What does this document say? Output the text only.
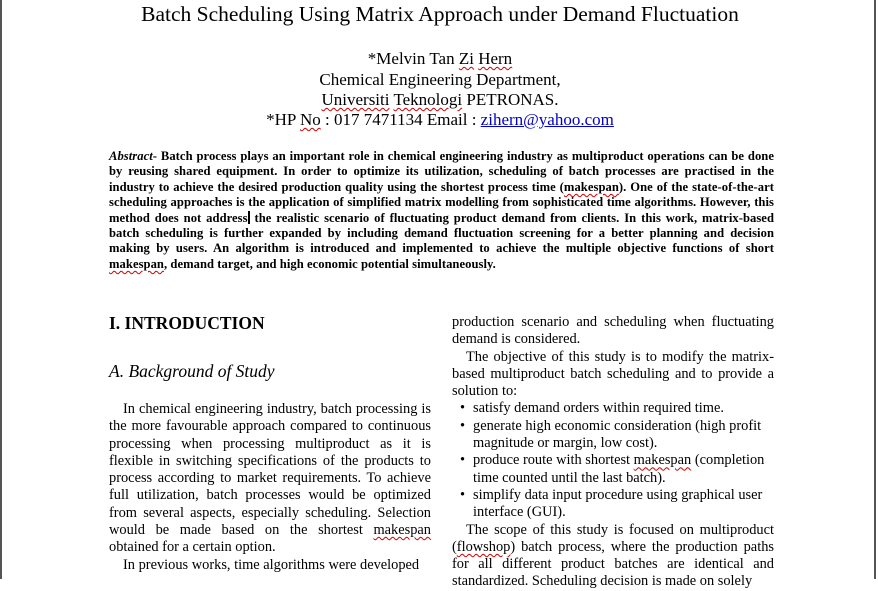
Batch Scheduling Using Matrix Approach under Demand Fluctuation
*Melvin Tan Zi Hern
Chemical Engineering Department,
Universiti Teknologi PETRONAS.
*HP No : 017 7471134 Email : zihern@yahoo.com
Abstract- Batch process plays an important role in chemical engineering industry as multiproduct operations can be done by reusing shared equipment. In order to optimize its utilization, scheduling of batch processes are practised in the industry to achieve the desired production quality using the shortest process time (makespan). One of the state-of-the-art scheduling approaches is the application of simplified matrix modelling from sophisticated time algorithms. However, this method does not address the realistic scenario of fluctuating product demand from clients. In this work, matrix-based batch scheduling is further expanded by including demand fluctuation screening for a better planning and decision making by users. An algorithm is introduced and implemented to achieve the multiple objective functions of short makespan, demand target, and high economic potential simultaneously.
I. INTRODUCTION
A. Background of Study

In chemical engineering industry, batch processing is the more favourable approach compared to continuous processing when processing multiproduct as it is flexible in switching specifications of the products to process according to market requirements. To achieve full utilization, batch processes would be optimized from several aspects, especially scheduling. Selection would be made based on the shortest makespan obtained for a certain option.

In previous works, time algorithms were developed

production scenario and scheduling when fluctuating demand is considered.

The objective of this study is to modify the matrix-based multiproduct batch scheduling and to provide a solution to:

• satisfy demand orders within required time.
• generate high economic consideration (high profit magnitude or margin, low cost).
• produce route with shortest makespan (completion time counted until the last batch).
• simplify data input procedure using graphical user interface (GUI).

The scope of this study is focused on multiproduct (flowshop) batch process, where the production paths for all different product batches are identical and standardized. Scheduling decision is made on solely
